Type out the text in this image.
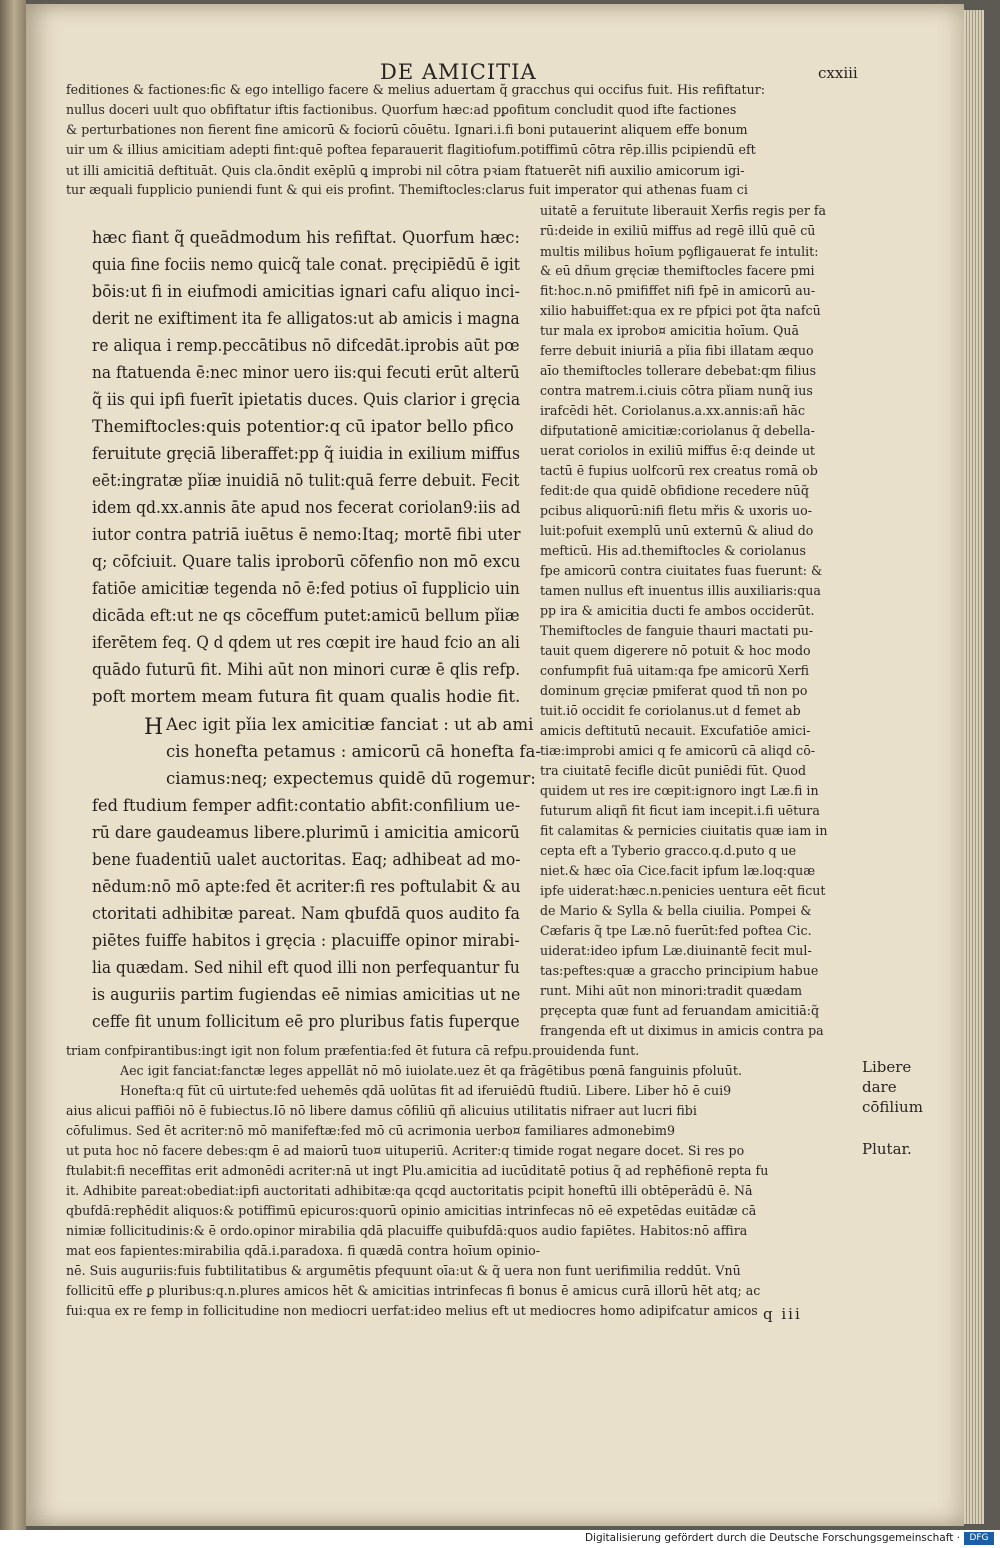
DE AMICITIA	cxxiii
feditiones & factiones:fic & ego intelligo facere & melius aduertam q̃ gracchus qui occifus fuit. His refiftatur:
nullus doceri uult quo obfiftatur iftis factionibus. Quorfum hæc:ad pꝑofitum concludit quod ifte factiones
& perturbationes non fierent fine amicorū & fociorū cōuētu. Ignari.i.fi boni putauerint aliquem effe bonum
uir um & illius amicitiam adepti fint:quē poftea feparauerit flagitiofum.potiffimū cōtra rēp.illis pcipiendū eft
ut illi amicitiā deftituāt. Quis cla.ōndit exēplū ꝗ improbi nil cōtra pꝛiam ftatuerēt nifi auxilio amicorum igi-
tur æquali fupplicio puniendi funt & qui eis profint. Themiftocles:clarus fuit imperator qui athenas fuam ci
hæc fiant q̃ queādmodum his refiftat. Quorfum hæc:
quia fine fociis nemo quicq̃ tale conat. pręcipiēdū ē igit
bōis:ut fi in eiufmodi amicitias ignari cafu aliquo inci-
derit ne exiftiment ita fe alligatos:ut ab amicis i magna
re aliqua i remp.peccātibus nō difcedāt.iprobis aūt pœ
na ftatuenda ē:nec minor uero iis:qui fecuti erūt alterū
q̃ iis qui ipfi fuerīt ipietatis duces. Quis clarior i gręcia
Themiftocles:quis potentior:q cū ipator bello pfico
feruitute gręciā liberaffet:pp q̃ iuidia in exilium miffus
eēt:ingratæ pǐiæ inuidiā nō tulit:quā ferre debuit. Fecit
idem qd.xx.annis āte apud nos fecerat coriolan9:iis ad
iutor contra patriā iuētus ē nemo:Itaq; mortē fibi uter
q; cōfciuit. Quare talis iproborū cōfenfio non mō excu
fatiōe amicitiæ tegenda nō ē:fed potius oī fupplicio uin
dicāda eft:ut ne qs cōceffum putet:amicū bellum pǐiæ
iferētem feq. Q d qdem ut res cœpit ire haud fcio an ali
quādo futurū fit. Mihi aūt non minori curæ ē qlis refp.
poft mortem meam futura fit quam qualis hodie fit.
H Aec igit pǐia lex amicitiæ fanciat : ut ab ami
cis honefta petamus : amicorū cā honefta fa-
ciamus:neq; expectemus quidē dū rogemur:
fed ftudium femper adfit:contatio abfit:confilium ue-
rū dare gaudeamus libere.plurimū i amicitia amicorū
bene fuadentiū ualet auctoritas. Eaq; adhibeat ad mo-
nēdum:nō mō apte:fed ēt acriter:fi res poftulabit & au
ctoritati adhibitæ pareat. Nam qbufdā quos audito fa
piētes fuiffe habitos i gręcia : placuiffe opinor mirabi-
lia quædam. Sed nihil eft quod illi non perfequantur fu
is auguriis partim fugiendas eē nimias amicitias ut ne
ceffe fit unum follicitum eē pro pluribus fatis fuperque
uitatē a feruitute liberauit Xerfis regis per fa
rū:deide in exiliū miffus ad regē illū quē cū
multis milibus hoīum pꝯfligauerat fe intulit:
& eū dñum gręciæ themiftocles facere pmi
fit:hoc.n.nō pmififfet nifi fpē in amicorū au-
xilio habuiffet:qua ex re pfpici pot q̃ta nafcū
tur mala ex iprobo¤ amicitia hoīum. Quā
ferre debuit iniuriā a pǐia fibi illatam æquo
aīo themiftocles tollerare debebat:qm filius
contra matrem.i.ciuis cōtra pǐiam nunq̃ ius
irafcēdi hēt. Coriolanus.a.xx.annis:añ hāc
difputationē amicitiæ:coriolanus q̃ debella-
uerat coriolos in exiliū miffus ē:q deinde ut
tactū ē fupius uolfcorū rex creatus romā ob
fedit:de qua quidē obfidione recedere nūq̃
pcibus aliquorū:nifi fletu mřis & uxoris uo-
luit:pofuit exemplū unū externū & aliud do
mefticū. His ad.themiftocles & coriolanus
fpe amicorū contra ciuitates fuas fuerunt: &
tamen nullus eft inuentus illis auxiliaris:qua
pp ira & amicitia ducti fe ambos occiderūt.
Themiftocles de fanguie thauri mactati pu-
tauit quem digerere nō potuit & hoc modo
confumpfit fuā uitam:qa fpe amicorū Xerfi
dominum gręciæ pmiferat quod tñ non po
tuit.iō occidit fe coriolanus.ut d femet ab
amicis deftitutū necauit. Excufatiōe amici-
tiæ:improbi amici q fe amicorū cā aliqd cō-
tra ciuitatē fecifle dicūt puniēdi fūt. Quod
quidem ut res ire cœpit:ignoro ingt Læ.fi in
futurum aliqñ fit ficut iam incepit.i.fi uētura
fit calamitas & pernicies ciuitatis quæ iam in
cepta eft a Tyberio gracco.q.d.puto q ue
niet.& hæc oīa Cice.facit ipfum læ.loq:quæ
ipfe uiderat:hæc.n.penicies uentura eēt ficut
de Mario & Sylla & bella ciuilia. Pompei &
Cæfaris q̃ tpe Læ.nō fuerūt:fed poftea Cic.
uiderat:ideo ipfum Læ.diuinantē fecit mul-
tas:peftes:quæ a graccho principium habue
runt. Mihi aūt non minori:tradit quædam
pręcepta quæ funt ad feruandam amicitiā:q̃
frangenda eft ut diximus in amicis contra pa
triam confpirantibus:ingt igit non folum præfentia:fed ēt futura cā refpu.prouidenda funt.
Aec igit fanciat:fanctæ leges appellāt nō mō iuiolate.uez ēt qa frāgētibus pœnā fanguinis pfoluūt.
Honefta:q fūt cū uirtute:fed uehemēs qdā uolūtas fit ad iferuiēdū ftudiū. Libere. Liber hō ē cui9
aius alicui paffiōi nō ē fubiectus.Iō nō libere damus cōfiliū qñ alicuius utilitatis nifraer aut lucri fibi
cōfulimus. Sed ēt acriter:nō mō manifeftæ:fed mō cū acrimonia uerbo¤ familiares admonebim9
ut puta hoc nō facere debes:qm ē ad maiorū tuo¤ uituperiū. Acriter:q timide rogat negare docet. Si res po
ftulabit:fi neceffitas erit admonēdi acriter:nā ut ingt Plu.amicitia ad iucūditatē potius q̃ ad repħēfionē repta fu
it. Adhibite pareat:obediat:ipfi auctoritati adhibitæ:qa qcqd auctoritatis pcipit honeftū illi obtēperādū ē. Nā
qbufdā:repħēdit aliquos:& potiffimū epicuros:quorū opinio amicitias intrinfecas nō eē expetēdas euitādæ cā
nimiæ follicitudinis:& ē ordo.opinor mirabilia qdā placuiffe quibufdā:quos audio fapiētes. Habitos:nō affira
mat eos fapientes:mirabilia qdā.i.paradoxa. fi quædā contra hoīum opinio-
nē. Suis auguriis:fuis fubtilitatibus & argumētis pfequunt oīa:ut & q̃ uera non funt uerifimilia reddūt. Vnū
follicitū effe ꝑ pluribus:q.n.plures amicos hēt & amicitias intrinfecas fi bonus ē amicus curā illorū hēt atq; ac
fui:qua ex re femp in follicitudine non mediocri uerfat:ideo melius eft ut mediocres homo adipifcatur amicos
Libere
dare
cōfilium
Plutar.
q iii
Digitalisierung gefördert durch die Deutsche Forschungsgemeinschaft ·	DFG
